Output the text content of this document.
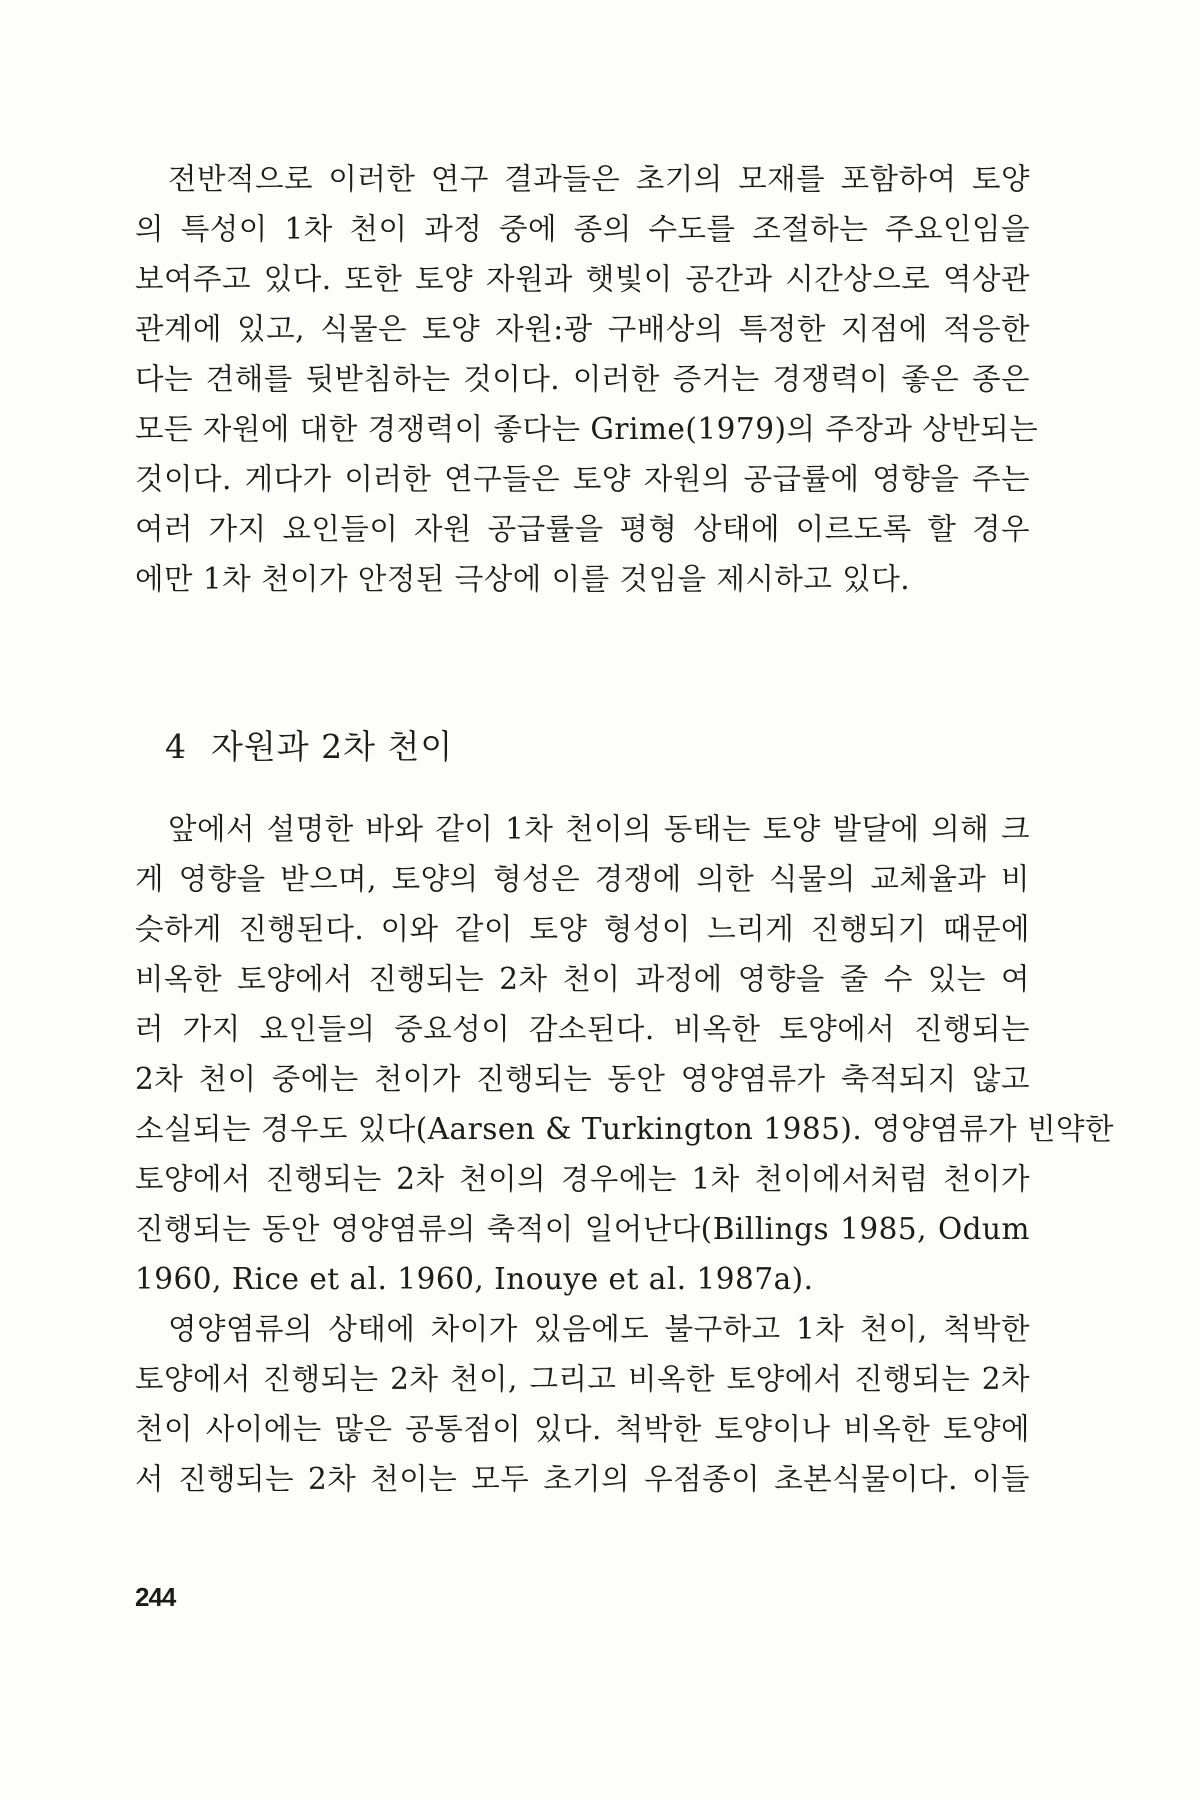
전반적으로 이러한 연구 결과들은 초기의 모재를 포함하여 토양
의 특성이 1차 천이 과정 중에 종의 수도를 조절하는 주요인임을
보여주고 있다. 또한 토양 자원과 햇빛이 공간과 시간상으로 역상관
관계에 있고, 식물은 토양 자원:광 구배상의 특정한 지점에 적응한
다는 견해를 뒷받침하는 것이다. 이러한 증거는 경쟁력이 좋은 종은
모든 자원에 대한 경쟁력이 좋다는 Grime(1979)의 주장과 상반되는
것이다. 게다가 이러한 연구들은 토양 자원의 공급률에 영향을 주는
여러 가지 요인들이 자원 공급률을 평형 상태에 이르도록 할 경우
에만 1차 천이가 안정된 극상에 이를 것임을 제시하고 있다.
4 자원과 2차 천이
앞에서 설명한 바와 같이 1차 천이의 동태는 토양 발달에 의해 크
게 영향을 받으며, 토양의 형성은 경쟁에 의한 식물의 교체율과 비
슷하게 진행된다. 이와 같이 토양 형성이 느리게 진행되기 때문에
비옥한 토양에서 진행되는 2차 천이 과정에 영향을 줄 수 있는 여
러 가지 요인들의 중요성이 감소된다. 비옥한 토양에서 진행되는
2차 천이 중에는 천이가 진행되는 동안 영양염류가 축적되지 않고
소실되는 경우도 있다(Aarsen & Turkington 1985). 영양염류가 빈약한
토양에서 진행되는 2차 천이의 경우에는 1차 천이에서처럼 천이가
진행되는 동안 영양염류의 축적이 일어난다(Billings 1985, Odum
1960, Rice et al. 1960, Inouye et al. 1987a).
영양염류의 상태에 차이가 있음에도 불구하고 1차 천이, 척박한
토양에서 진행되는 2차 천이, 그리고 비옥한 토양에서 진행되는 2차
천이 사이에는 많은 공통점이 있다. 척박한 토양이나 비옥한 토양에
서 진행되는 2차 천이는 모두 초기의 우점종이 초본식물이다. 이들
244
